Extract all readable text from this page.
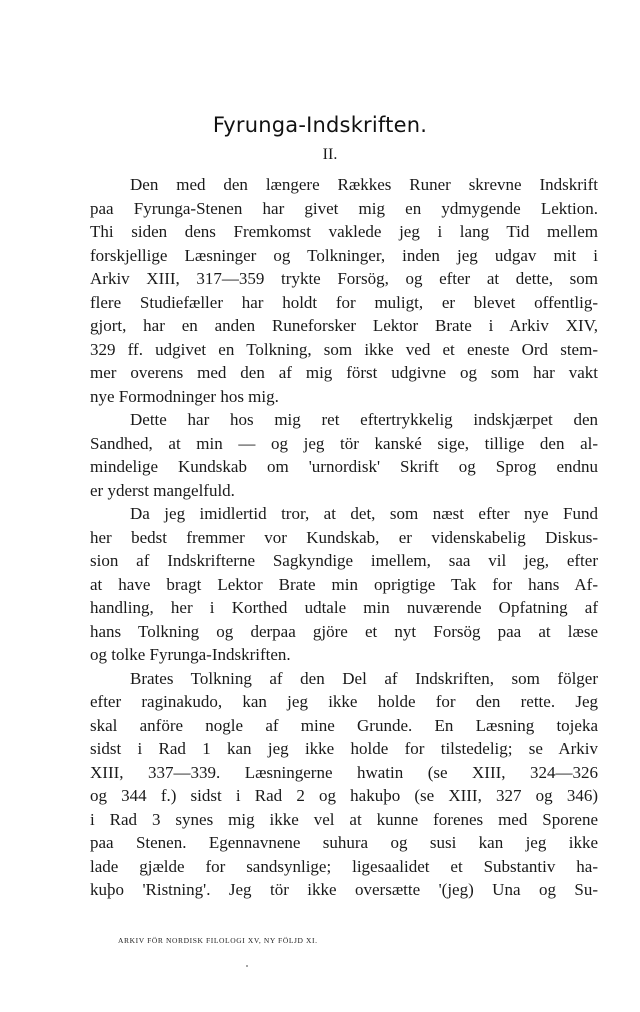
Fyrunga-Indskriften.
II.
Den med den længere Rækkes Runer skrevne Indskrift
paa Fyrunga-Stenen har givet mig en ydmygende Lektion.
Thi siden dens Fremkomst vaklede jeg i lang Tid mellem
forskjellige Læsninger og Tolkninger, inden jeg udgav mit i
Arkiv XIII, 317—359 trykte Forsög, og efter at dette, som
flere Studiefæller har holdt for muligt, er blevet offentlig-
gjort, har en anden Runeforsker Lektor Brate i Arkiv XIV,
329 ff. udgivet en Tolkning, som ikke ved et eneste Ord stem-
mer overens med den af mig först udgivne og som har vakt
nye Formodninger hos mig.
Dette har hos mig ret eftertrykkelig indskjærpet den
Sandhed, at min — og jeg tör kanské sige, tillige den al-
mindelige Kundskab om 'urnordisk' Skrift og Sprog endnu
er yderst mangelfuld.
Da jeg imidlertid tror, at det, som næst efter nye Fund
her bedst fremmer vor Kundskab, er videnskabelig Diskus-
sion af Indskrifterne Sagkyndige imellem, saa vil jeg, efter
at have bragt Lektor Brate min oprigtige Tak for hans Af-
handling, her i Korthed udtale min nuværende Opfatning af
hans Tolkning og derpaa gjöre et nyt Forsög paa at læse
og tolke Fyrunga-Indskriften.
Brates Tolkning af den Del af Indskriften, som fölger
efter raginakudo, kan jeg ikke holde for den rette. Jeg
skal anföre nogle af mine Grunde. En Læsning tojeka
sidst i Rad 1 kan jeg ikke holde for tilstedelig; se Arkiv
XIII, 337—339. Læsningerne hwatin (se XIII, 324—326
og 344 f.) sidst i Rad 2 og hakuþo (se XIII, 327 og 346)
i Rad 3 synes mig ikke vel at kunne forenes med Sporene
paa Stenen. Egennavnene suhura og susi kan jeg ikke
lade gjælde for sandsynlige; ligesaalidet et Substantiv ha-
kuþo 'Ristning'. Jeg tör ikke oversætte '(jeg) Una og Su-
ARKIV FÖR NORDISK FILOLOGI XV, NY FÖLJD XI.
